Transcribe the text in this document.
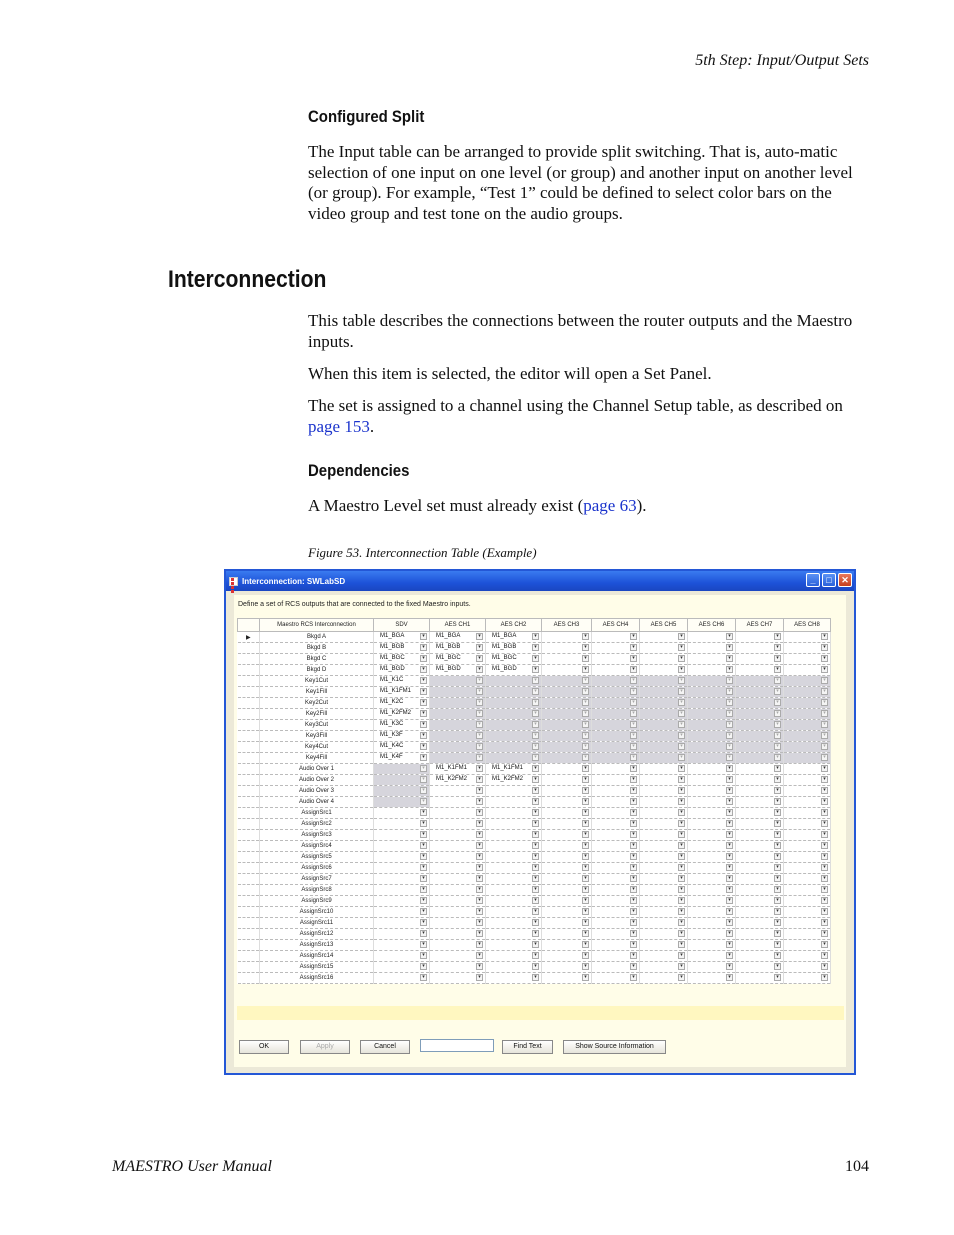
5th Step: Input/Output Sets
Configured Split
The Input table can be arranged to provide split switching. That is, auto-matic selection of one input on one level (or group) and another input on another level (or group). For example, “Test 1” could be defined to select color bars on the video group and test tone on the audio groups.
Interconnection
This table describes the connections between the router outputs and the Maestro inputs.
When this item is selected, the editor will open a Set Panel.
The set is assigned to a channel using the Channel Setup table, as described on page 153.
Dependencies
A Maestro Level set must already exist (page 63).
Figure 53. Interconnection Table (Example)
Interconnection: SWLabSD	_	□	✕
Define a set of RCS outputs that are connected to the fixed Maestro inputs.
	Maestro RCS Interconnection	SDV	AES CH1	AES CH2	AES CH3	AES CH4	AES CH5	AES CH6	AES CH7	AES CH8
▶	Bkgd A	M1_BGA ▾	M1_BGA ▾	M1_BGA ▾	▾	▾	▾	▾	▾	▾

	Bkgd B	M1_BGB ▾	M1_BGB ▾	M1_BGB ▾	▾	▾	▾	▾	▾	▾

	Bkgd C	M1_BGC ▾	M1_BGC ▾	M1_BGC ▾	▾	▾	▾	▾	▾	▾

	Bkgd D	M1_BGD ▾	M1_BGD ▾	M1_BGD ▾	▾	▾	▾	▾	▾	▾

	Key1Cut	M1_K1C ▾	▾	▾	▾	▾	▾	▾	▾	▾

	Key1Fill	M1_K1FM1 ▾	▾	▾	▾	▾	▾	▾	▾	▾

	Key2Cut	M1_K2C ▾	▾	▾	▾	▾	▾	▾	▾	▾

	Key2Fill	M1_K2FM2 ▾	▾	▾	▾	▾	▾	▾	▾	▾

	Key3Cut	M1_K3C ▾	▾	▾	▾	▾	▾	▾	▾	▾

	Key3Fill	M1_K3F ▾	▾	▾	▾	▾	▾	▾	▾	▾

	Key4Cut	M1_K4C ▾	▾	▾	▾	▾	▾	▾	▾	▾

	Key4Fill	M1_K4F ▾	▾	▾	▾	▾	▾	▾	▾	▾

	Audio Over 1	▾	M1_K1FM1 ▾	M1_K1FM1 ▾	▾	▾	▾	▾	▾	▾

	Audio Over 2	▾	M1_K2FM2 ▾	M1_K2FM2 ▾	▾	▾	▾	▾	▾	▾

	Audio Over 3	▾	▾	▾	▾	▾	▾	▾	▾	▾

	Audio Over 4	▾	▾	▾	▾	▾	▾	▾	▾	▾

	AssignSrc1	▾	▾	▾	▾	▾	▾	▾	▾	▾

	AssignSrc2	▾	▾	▾	▾	▾	▾	▾	▾	▾

	AssignSrc3	▾	▾	▾	▾	▾	▾	▾	▾	▾

	AssignSrc4	▾	▾	▾	▾	▾	▾	▾	▾	▾

	AssignSrc5	▾	▾	▾	▾	▾	▾	▾	▾	▾

	AssignSrc6	▾	▾	▾	▾	▾	▾	▾	▾	▾

	AssignSrc7	▾	▾	▾	▾	▾	▾	▾	▾	▾

	AssignSrc8	▾	▾	▾	▾	▾	▾	▾	▾	▾

	AssignSrc9	▾	▾	▾	▾	▾	▾	▾	▾	▾

	AssignSrc10	▾	▾	▾	▾	▾	▾	▾	▾	▾

	AssignSrc11	▾	▾	▾	▾	▾	▾	▾	▾	▾

	AssignSrc12	▾	▾	▾	▾	▾	▾	▾	▾	▾

	AssignSrc13	▾	▾	▾	▾	▾	▾	▾	▾	▾

	AssignSrc14	▾	▾	▾	▾	▾	▾	▾	▾	▾

	AssignSrc15	▾	▾	▾	▾	▾	▾	▾	▾	▾

	AssignSrc16	▾	▾	▾	▾	▾	▾	▾	▾	▾
OK	Apply	Cancel	Find Text	Show Source Information
MAESTRO User Manual	104
